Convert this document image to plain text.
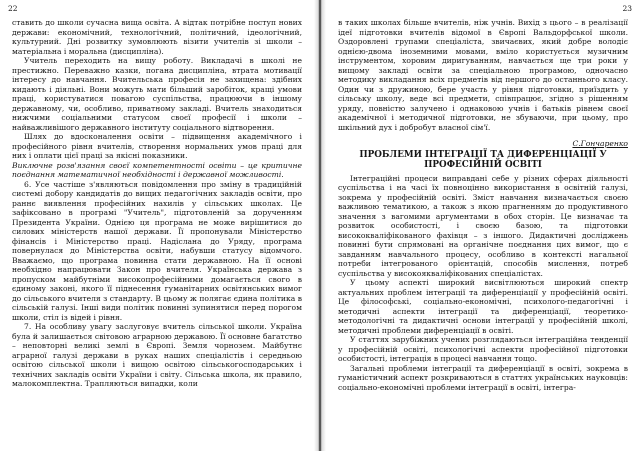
22

ставить до школи сучасна вища освіта. А відтак потрібне поступ нових держави: економічний, технологічний, політичний, ідеологічний, культурний. Дні розвитку зумовлюють візити учителів зі школи – матеріальна і моральна (дисципліна).

Учитель переходить на вищу роботу. Викладачі в школі не престижно. Переважно казки, погана дисципліна, втрата мотивації інтересу до навчання. Вчительська професія не захищена: здібних кидають і діяльні. Вони можуть мати більший заробіток, кращі умови праці, користуватися повагою суспільства, працюючи в іншому державному, чи, особливо, приватному закладі. Вчитель знаходиться нижчими соціальними статусом своєї професії і школи – найважливішого державного інституту соціального відтворення.

Шлях до вдосконалення освіти – підвищення академічного і професійного рівня вчителів, створення нормальних умов праці для них і оплати цієї праці за якісні показники.

Виключне розв'язання своєї компетентності освіти – це критичне поєднання математичної необхідності і державної можливості.

6. Усе частіше з'являються повідомлення про зміну в традиційній системі добору кандидатів до вищих педагогічних закладів освіти, про раннє виявлення професійних нахилів у сільських школах. Це зафіксовано в програмі "Учитель", підготовленій за дорученням Президента України. Однією ця програма не може вирішитися до силових міністерств нашої держави. Її пропонували Міністерство фінансів і Міністерство праці. Надіслана до Уряду, програма повернулася до Міністерства освіти, набувши статусу відомчого. Вважаємо, що програма повинна стати державною. На її основі необхідно напрацювати Закон про вчителя. Українська держава з пропуском майбутніми високопрофесійними домагається свого в єдиному законі, якого її піднесення гуманітарних освітянських вимог до сільського вчителя з стандарту. В цьому ж полягає єдина політика в сільській галузі. Інші види політик повинні зупинятися перед порогом школи, стіл із відей і рівня.

7. На особливу увагу заслуговує вчитель сільської школи. Україна була й залишається світовою аграрною державою. Її основне багатство – неповторні великі землі в Європі. Земля чорнозем. Майбутнє аграрної галузі держави в руках наших спеціалістів і середньою освітою сільської школи і вищою освітою сільськогосподарських і технічних закладів освіти України і світу. Сільська школа, як правило, малокомплектна. Трапляються випадки, коли

23

в таких школах більше вчителів, ніж учнів. Вихід з цього – в реалізації ідеї підготовки вчителів відомої в Європі Вальдорфської школи. Оздоровлені групами спеціаліста, звичаєвих, який добре володіє однією-двома іноземними мовами, вміло користується музичним інструментом, хоровим диригуванням, навчається ще три роки у вищому закладі освіти за спеціальною програмою, одночасно методику викладання всіх предметів від першого до останнього класу. Один чи з дружиною, бере участь у рівня підготовки, приїздить у сільську школу, веде всі предмети, співпрацює, згідно з рішенням уряду, повністю залучено і однаковою учнів і батьків рівнем своєї академічної і методичної підготовки, не збуваючи, при цьому, про шкільний дух і добробут власної сім'ї.

С.Гончаренко
ПРОБЛЕМИ ІНТЕГРАЦІЇ ТА ДИФЕРЕНЦІАЦІЇ У ПРОФЕСІЙНІЙ ОСВІТІ

Інтеграційні процеси виправдані себе у різних сферах діяльності суспільства і на часі їх повноцінно використання в освітній галузі, зокрема у професійній освіті. Зміст навчання визначається своєю важливою тематикою, а також з якою прагненням до продуктивного значення з вагомими аргументами в обох сторін. Це визначає та розвиток особистості, і своєю базою, та підготовки висококваліфікованого фахівця – з іншого. Дидактичні досліджень повинні бути спрямовані на органічне поєднання цих вимог, що є завданням навчального процесу, особливо в контексті нагальної потреби інтегрованого орієнтацій, способів мислення, потреб суспільства у високоякваліфікованих спеціалістах.

У цьому аспекті широкий висвітлюються широкий спектр актуальних проблем інтеграції та диференціації у професійній освіті. Це філософські, соціально-економічні, психолого-педагогічні і методичні аспекти інтеграції та диференціації, теоретико-методологічні та дидактичні основи інтеграції у професійній школі, методичні проблеми диференціації в освіті.

У статтях зарубіжних учених розглядаються інтеграційна тенденції у професійній освіті, психологічні аспекти професійної підготовки особистості, інтеграція в процесі навчання тощо.

Загальні проблеми інтеграції та диференціації в освіті, зокрема в гуманістичний аспект розкриваються в статтях українських науковців: соціально-економічні проблеми інтеграції в освіті, інтегра-
